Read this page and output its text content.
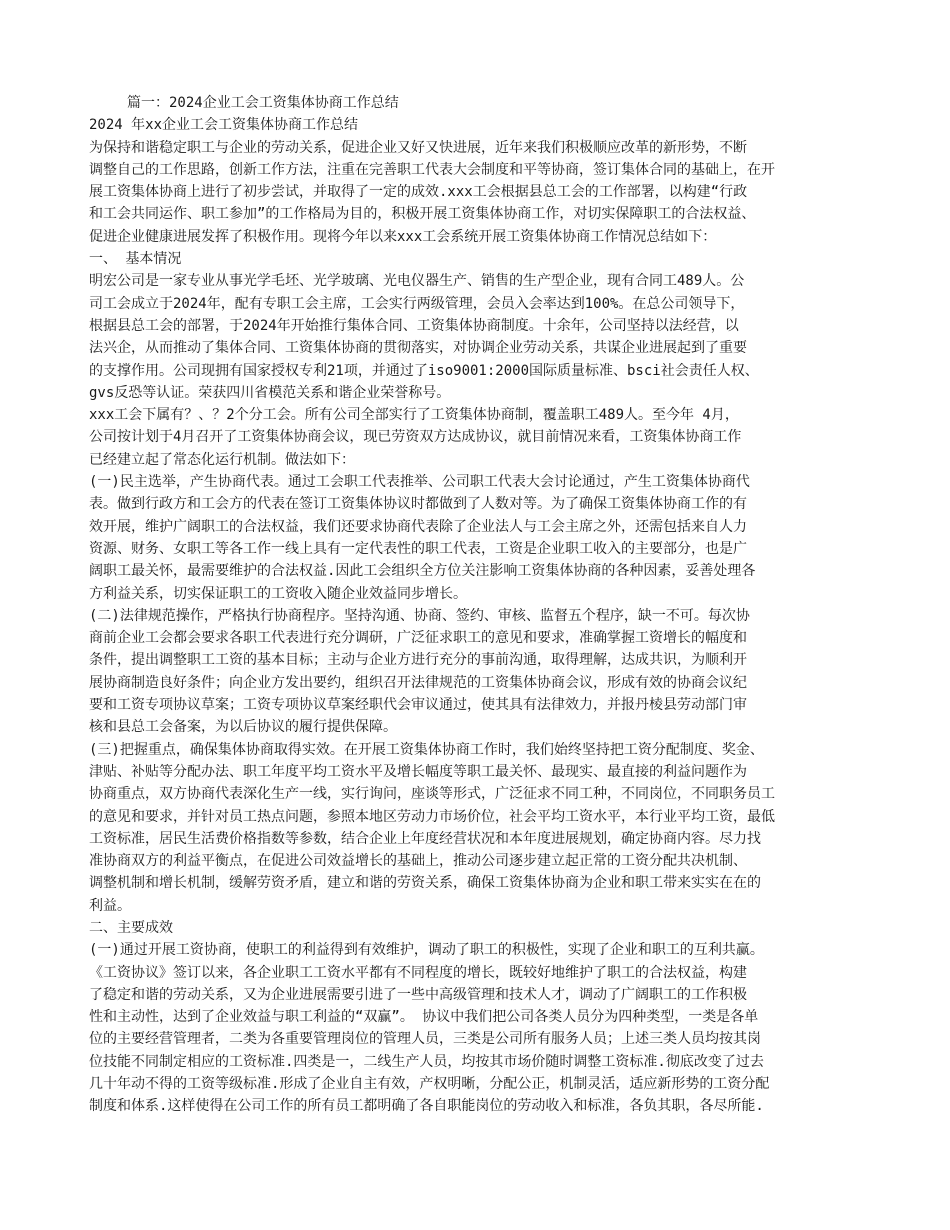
篇一：2024企业工会工资集体协商工作总结
2024 年xx企业工会工资集体协商工作总结
为保持和谐稳定职工与企业的劳动关系，促进企业又好又快进展，近年来我们积极顺应改革的新形势，不断
调整自己的工作思路，创新工作方法，注重在完善职工代表大会制度和平等协商，签订集体合同的基础上，在开
展工资集体协商上进行了初步尝试，并取得了一定的成效.xxx工会根据县总工会的工作部署，以构建“行政
和工会共同运作、职工参加”的工作格局为目的，积极开展工资集体协商工作，对切实保障职工的合法权益、
促进企业健康进展发挥了积极作用。现将今年以来xxx工会系统开展工资集体协商工作情况总结如下：
一、 基本情况
明宏公司是一家专业从事光学毛坯、光学玻璃、光电仪器生产、销售的生产型企业，现有合同工489人。公
司工会成立于2024年，配有专职工会主席，工会实行两级管理，会员入会率达到100%。在总公司领导下，
根据县总工会的部署，于2024年开始推行集体合同、工资集体协商制度。十余年，公司坚持以法经营，以
法兴企，从而推动了集体合同、工资集体协商的贯彻落实，对协调企业劳动关系，共谋企业进展起到了重要
的支撑作用。公司现拥有国家授权专利21项，并通过了iso9001:2000国际质量标准、bsci社会责任人权、
gvs反恐等认证。荣获四川省模范关系和谐企业荣誉称号。
xxx工会下属有？、？2个分工会。所有公司全部实行了工资集体协商制，覆盖职工489人。至今年 4月，
公司按计划于4月召开了工资集体协商会议，现已劳资双方达成协议，就目前情况来看，工资集体协商工作
已经建立起了常态化运行机制。做法如下：
(一)民主选举，产生协商代表。通过工会职工代表推举、公司职工代表大会讨论通过，产生工资集体协商代
表。做到行政方和工会方的代表在签订工资集体协议时都做到了人数对等。为了确保工资集体协商工作的有
效开展，维护广阔职工的合法权益，我们还要求协商代表除了企业法人与工会主席之外，还需包括来自人力
资源、财务、女职工等各工作一线上具有一定代表性的职工代表，工资是企业职工收入的主要部分，也是广
阔职工最关怀，最需要维护的合法权益.因此工会组织全方位关注影响工资集体协商的各种因素，妥善处理各
方利益关系，切实保证职工的工资收入随企业效益同步增长。
(二)法律规范操作，严格执行协商程序。坚持沟通、协商、签约、审核、监督五个程序，缺一不可。每次协
商前企业工会都会要求各职工代表进行充分调研，广泛征求职工的意见和要求，准确掌握工资增长的幅度和
条件，提出调整职工工资的基本目标；主动与企业方进行充分的事前沟通，取得理解，达成共识，为顺利开
展协商制造良好条件；向企业方发出要约，组织召开法律规范的工资集体协商会议，形成有效的协商会议纪
要和工资专项协议草案；工资专项协议草案经职代会审议通过，使其具有法律效力，并报丹棱县劳动部门审
核和县总工会备案，为以后协议的履行提供保障。
(三)把握重点，确保集体协商取得实效。在开展工资集体协商工作时，我们始终坚持把工资分配制度、奖金、
津贴、补贴等分配办法、职工年度平均工资水平及增长幅度等职工最关怀、最现实、最直接的利益问题作为
协商重点，双方协商代表深化生产一线，实行询问，座谈等形式，广泛征求不同工种，不同岗位，不同职务员工
的意见和要求，并针对员工热点问题，参照本地区劳动力市场价位，社会平均工资水平，本行业平均工资，最低
工资标准，居民生活费价格指数等参数，结合企业上年度经营状况和本年度进展规划，确定协商内容。尽力找
准协商双方的利益平衡点，在促进公司效益增长的基础上，推动公司逐步建立起正常的工资分配共决机制、
调整机制和增长机制，缓解劳资矛盾，建立和谐的劳资关系，确保工资集体协商为企业和职工带来实实在在的
利益。
二、主要成效
(一)通过开展工资协商，使职工的利益得到有效维护，调动了职工的积极性，实现了企业和职工的互利共赢。
《工资协议》签订以来，各企业职工工资水平都有不同程度的增长，既较好地维护了职工的合法权益，构建
了稳定和谐的劳动关系，又为企业进展需要引进了一些中高级管理和技术人才，调动了广阔职工的工作积极
性和主动性，达到了企业效益与职工利益的“双赢”。 协议中我们把公司各类人员分为四种类型，一类是各单
位的主要经营管理者，二类为各重要管理岗位的管理人员，三类是公司所有服务人员；上述三类人员均按其岗
位技能不同制定相应的工资标准.四类是一，二线生产人员，均按其市场价随时调整工资标准.彻底改变了过去
几十年动不得的工资等级标准.形成了企业自主有效，产权明晰，分配公正，机制灵活，适应新形势的工资分配
制度和体系.这样使得在公司工作的所有员工都明确了各自职能岗位的劳动收入和标准，各负其职，各尽所能.
